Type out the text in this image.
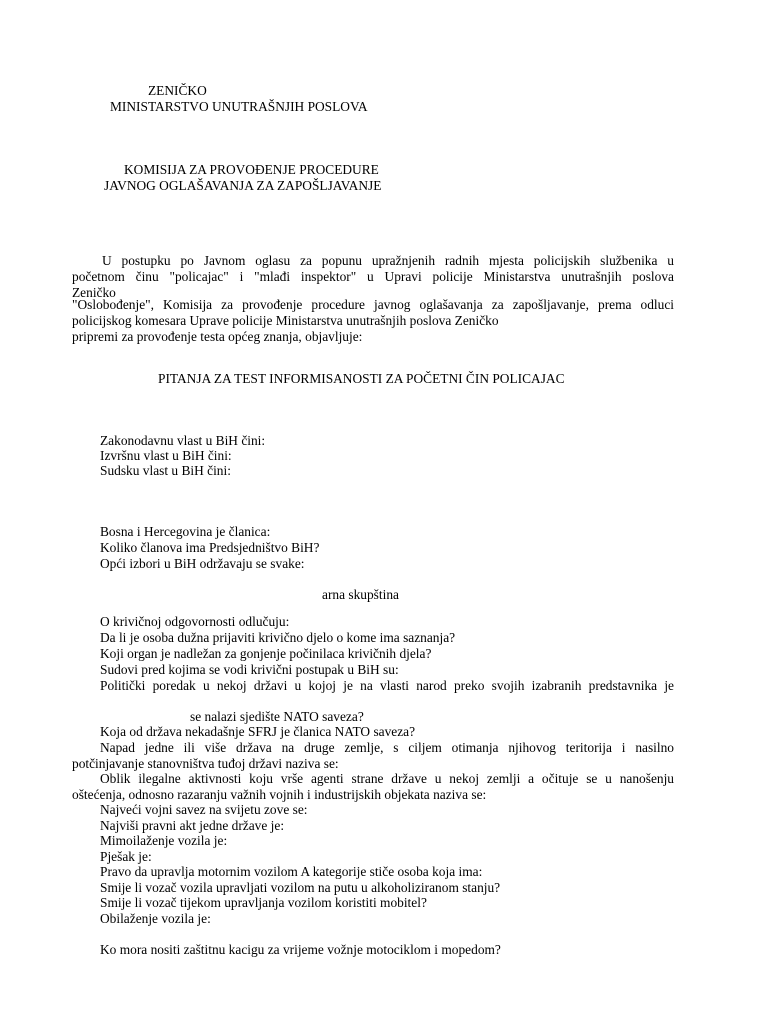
ZENIČKO
MINISTARSTVO UNUTRAŠNJIH POSLOVA
KOMISIJA ZA PROVOĐENJE PROCEDURE
JAVNOG OGLAŠAVANJA ZA ZAPOŠLJAVANJE
U postupku po Javnom oglasu za popunu upražnjenih radnih mjesta policijskih službenika u
početnom činu "policajac" i "mlađi inspektor" u Upravi policije Ministarstva unutrašnjih poslova
Zeničko
"Oslobođenje", Komisija za provođenje procedure javnog oglašavanja za zapošljavanje, prema odluci
policijskog komesara Uprave policije Ministarstva unutrašnjih poslova Zeničko
pripremi za provođenje testa općeg znanja, objavljuje:
PITANJA ZA TEST INFORMISANOSTI ZA POČETNI ČIN POLICAJAC
Zakonodavnu vlast u BiH čini:
Izvršnu vlast u BiH čini:
Sudsku vlast u BiH čini:
Bosna i Hercegovina je članica:
Koliko članova ima Predsjedništvo BiH?
Opći izbori u BiH održavaju se svake:
arna skupština
O krivičnoj odgovornosti odlučuju:
Da li je osoba dužna prijaviti krivično djelo o kome ima saznanja?
Koji organ je nadležan za gonjenje počinilaca krivičnih djela?
Sudovi pred kojima se vodi krivični postupak u BiH su:
Politički poredak u nekoj državi u kojoj je na vlasti narod preko svojih izabranih predstavnika je
se nalazi sjedište NATO saveza?
Koja od država nekadašnje SFRJ je članica NATO saveza?
Napad jedne ili više država na druge zemlje, s ciljem otimanja njihovog teritorija i nasilno
potčinjavanje stanovništva tuđoj državi naziva se:
Oblik ilegalne aktivnosti koju vrše agenti strane države u nekoj zemlji a očituje se u nanošenju
oštećenja, odnosno razaranju važnih vojnih i industrijskih objekata naziva se:
Najveći vojni savez na svijetu zove se:
Najviši pravni akt jedne države je:
Mimoilaženje vozila je:
Pješak je:
Pravo da upravlja motornim vozilom A kategorije stiče osoba koja ima:
Smije li vozač vozila upravljati vozilom na putu u alkoholiziranom stanju?
Smije li vozač tijekom upravljanja vozilom koristiti mobitel?
Obilaženje vozila je:
Ko mora nositi zaštitnu kacigu za vrijeme vožnje motociklom i mopedom?
